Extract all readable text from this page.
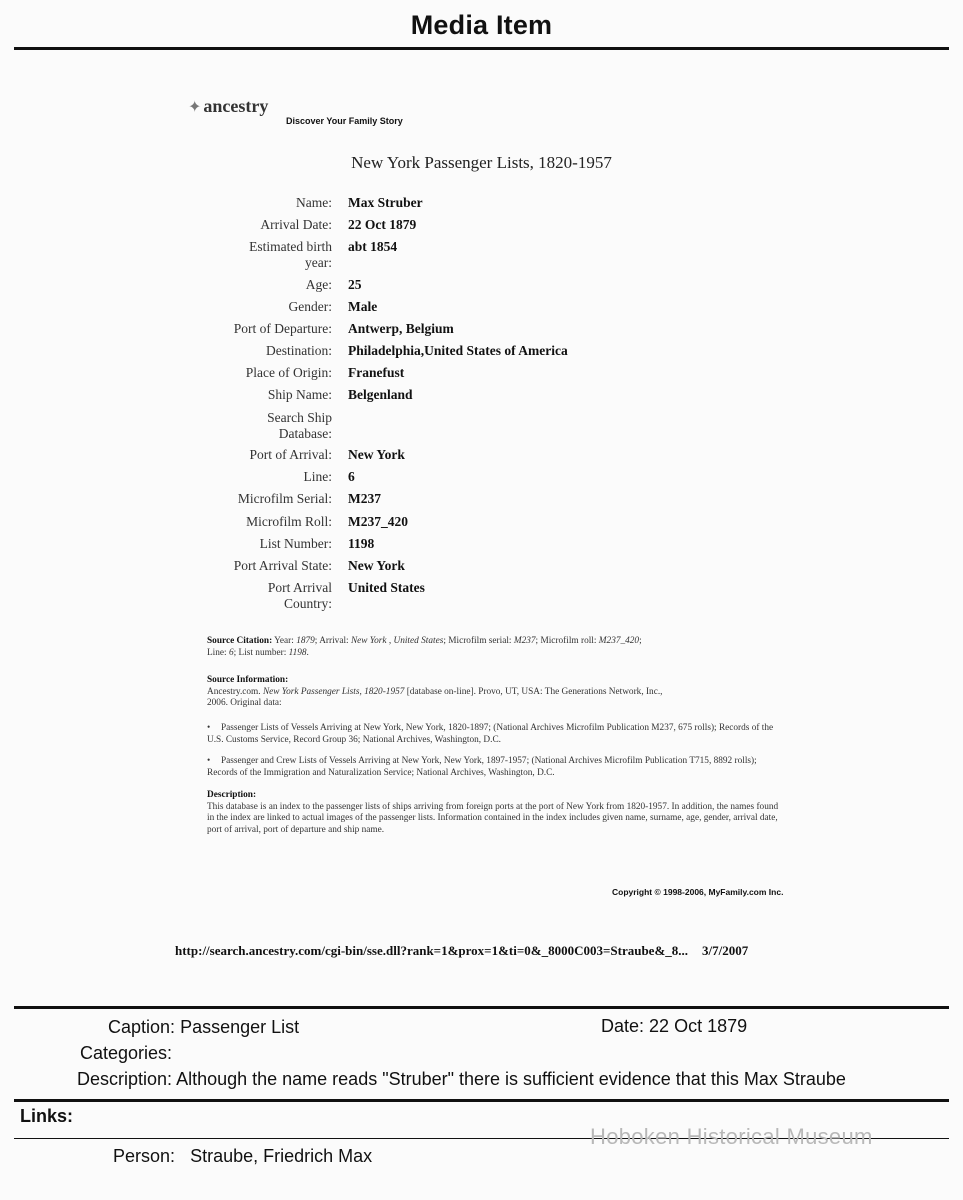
Media Item
✦ ancestry
Discover Your Family Story
New York Passenger Lists, 1820-1957
Name: Max Struber
Arrival Date: 22 Oct 1879
Estimated birth
year:
abt 1854
Age: 25
Gender: Male
Port of Departure: Antwerp, Belgium
Destination: Philadelphia,United States of America
Place of Origin: Franefust
Ship Name: Belgenland
Search Ship
Database:
Port of Arrival: New York
Line: 6
Microfilm Serial: M237
Microfilm Roll: M237_420
List Number: 1198
Port Arrival State: New York
Port Arrival
Country:
United States
Source Citation: Year: 1879; Arrival: New York , United States; Microfilm serial: M237; Microfilm roll: M237_420;
Line: 6; List number: 1198.
Source Information:
Ancestry.com. New York Passenger Lists, 1820-1957 [database on-line]. Provo, UT, USA: The Generations Network, Inc.,
2006. Original data:
• Passenger Lists of Vessels Arriving at New York, New York, 1820-1897; (National Archives Microfilm Publication M237, 675 rolls); Records of the U.S. Customs Service, Record Group 36; National Archives, Washington, D.C.
• Passenger and Crew Lists of Vessels Arriving at New York, New York, 1897-1957; (National Archives Microfilm Publication T715, 8892 rolls); Records of the Immigration and Naturalization Service; National Archives, Washington, D.C.
Description:
This database is an index to the passenger lists of ships arriving from foreign ports at the port of New York from 1820-1957. In addition, the names found in the index are linked to actual images of the passenger lists. Information contained in the index includes given name, surname, age, gender, arrival date, port of arrival, port of departure and ship name.
Copyright © 1998-2006, MyFamily.com Inc.
http://search.ancestry.com/cgi-bin/sse.dll?rank=1&prox=1&ti=0&_8000C003=Straube&_8... 3/7/2007
Caption: Passenger List	Date: 22 Oct 1879
Categories:
Description: Although the name reads "Struber" there is sufficient evidence that this Max Straube
Links:
Hoboken Historical Museum
Person: Straube, Friedrich Max
